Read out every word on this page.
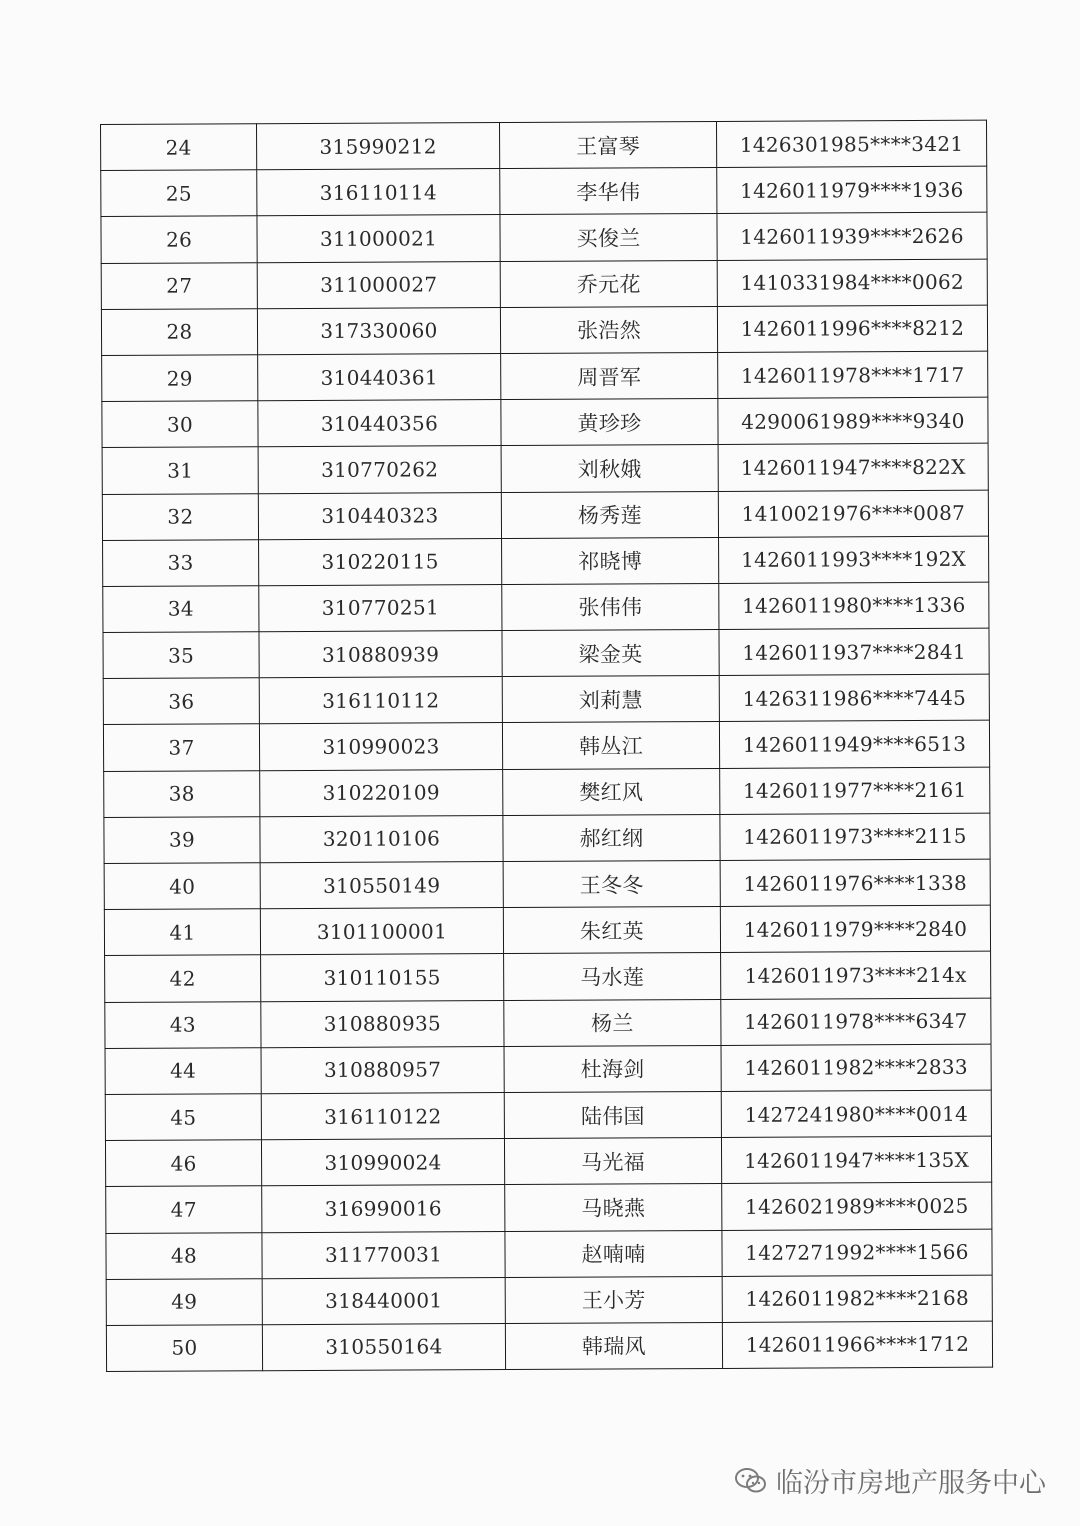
24	315990212	王富琴	1426301985****3421
25	316110114	李华伟	1426011979****1936
26	311000021	买俊兰	1426011939****2626
27	311000027	乔元花	1410331984****0062
28	317330060	张浩然	1426011996****8212
29	310440361	周晋军	1426011978****1717
30	310440356	黄珍珍	4290061989****9340
31	310770262	刘秋娥	1426011947****822X
32	310440323	杨秀莲	1410021976****0087
33	310220115	祁晓博	1426011993****192X
34	310770251	张伟伟	1426011980****1336
35	310880939	梁金英	1426011937****2841
36	316110112	刘莉慧	1426311986****7445
37	310990023	韩丛江	1426011949****6513
38	310220109	樊红风	1426011977****2161
39	320110106	郝红纲	1426011973****2115
40	310550149	王冬冬	1426011976****1338
41	3101100001	朱红英	1426011979****2840
42	310110155	马水莲	1426011973****214x
43	310880935	杨兰	1426011978****6347
44	310880957	杜海剑	1426011982****2833
45	316110122	陆伟国	1427241980****0014
46	310990024	马光福	1426011947****135X
47	316990016	马晓燕	1426021989****0025
48	311770031	赵喃喃	1427271992****1566
49	318440001	王小芳	1426011982****2168
50	310550164	韩瑞风	1426011966****1712
临汾市房地产服务中心
